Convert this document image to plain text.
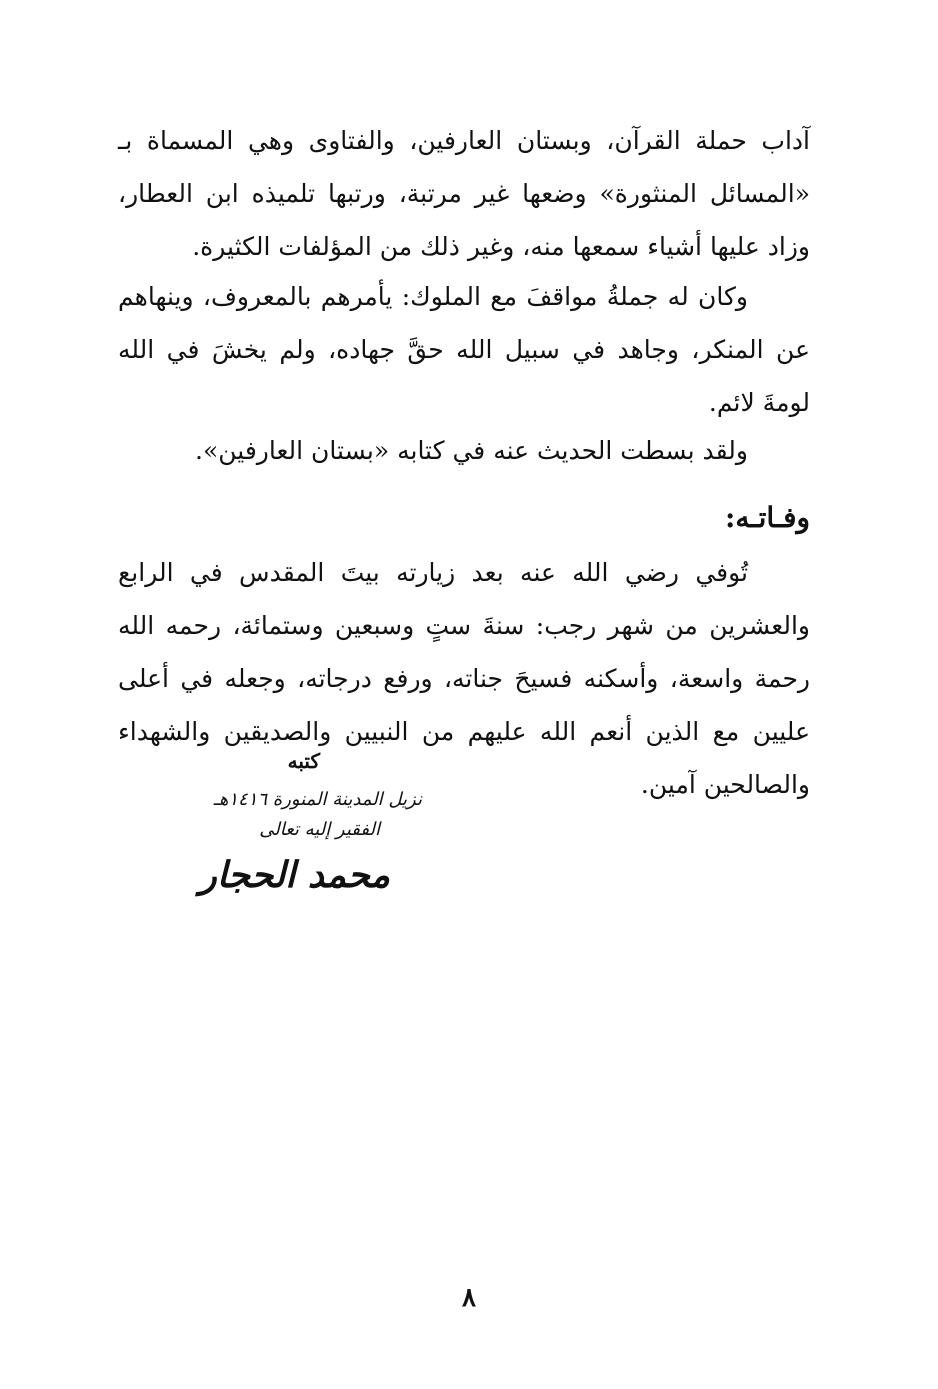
آداب حملة القرآن، وبستان العارفين، والفتاوى وهي المسماة بـ «المسائل المنثورة» وضعها غير مرتبة، ورتبها تلميذه ابن العطار، وزاد عليها أشياء سمعها منه، وغير ذلك من المؤلفات الكثيرة.

وكان له جملةُ مواقفَ مع الملوك: يأمرهم بالمعروف، وينهاهم عن المنكر، وجاهد في سبيل الله حقَّ جهاده، ولم يخشَ في الله لومةَ لائم.

ولقد بسطت الحديث عنه في كتابه «بستان العارفين».

وفـاتـه:

تُوفي رضي الله عنه بعد زيارته بيتَ المقدس في الرابع والعشرين من شهر رجب: سنةَ ستٍ وسبعين وستمائة، رحمه الله رحمة واسعة، وأسكنه فسيحَ جناته، ورفع درجاته، وجعله في أعلى عليين مع الذين أنعم الله عليهم من النبيين والصديقين والشهداء والصالحين آمين.

كتبه
نزيل المدينة المنورة ١٤١٦هـ
الفقير إليه تعالى
محمد الحجار
٨
